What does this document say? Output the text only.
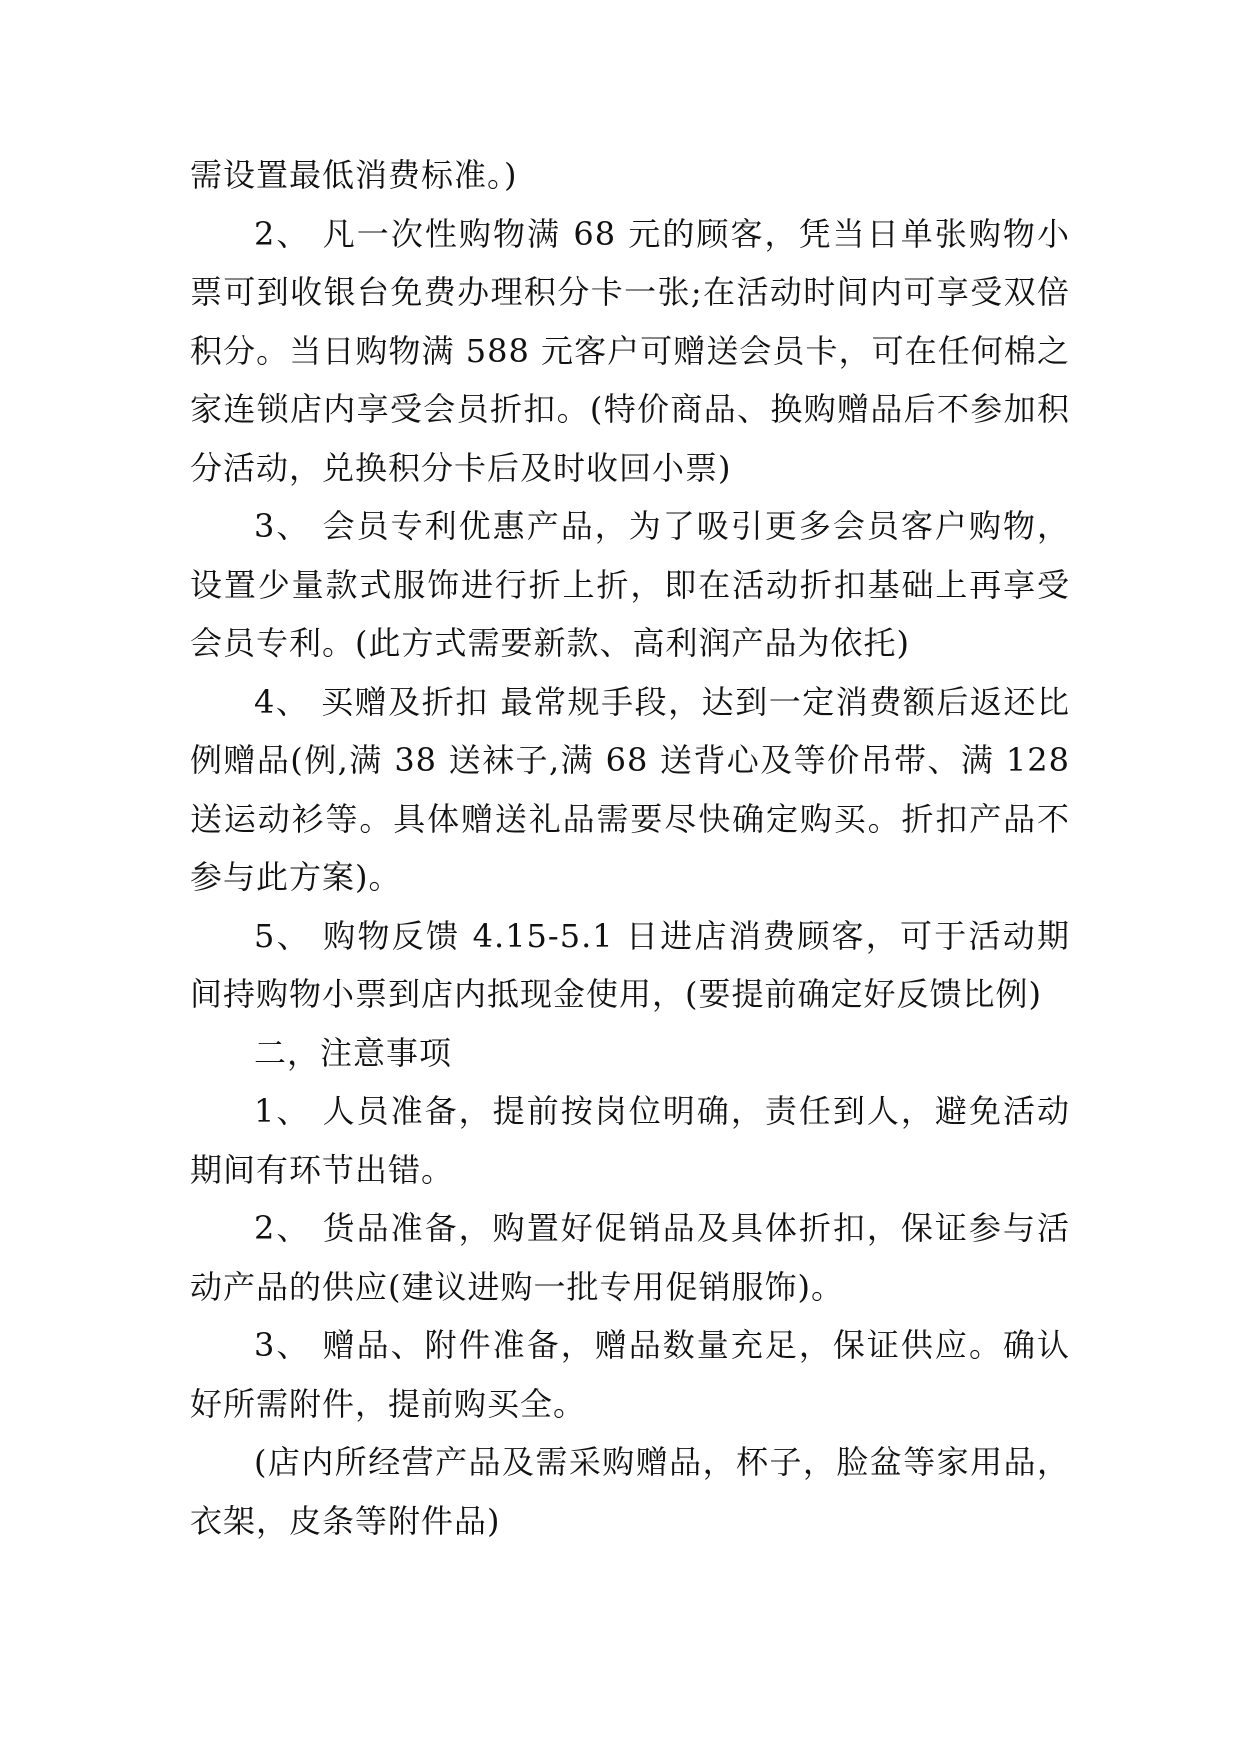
需设置最低消费标准。)

2、 凡一次性购物满 68 元的顾客，凭当日单张购物小票可到收银台免费办理积分卡一张;在活动时间内可享受双倍积分。当日购物满 588 元客户可赠送会员卡，可在任何棉之家连锁店内享受会员折扣。(特价商品、换购赠品后不参加积分活动，兑换积分卡后及时收回小票)

3、 会员专利优惠产品，为了吸引更多会员客户购物，设置少量款式服饰进行折上折，即在活动折扣基础上再享受会员专利。(此方式需要新款、高利润产品为依托)

4、 买赠及折扣 最常规手段，达到一定消费额后返还比例赠品(例,满 38 送袜子,满 68 送背心及等价吊带、满 128 送运动衫等。具体赠送礼品需要尽快确定购买。折扣产品不参与此方案)。

5、 购物反馈 4.15-5.1 日进店消费顾客，可于活动期间持购物小票到店内抵现金使用，(要提前确定好反馈比例)

二，注意事项

1、 人员准备，提前按岗位明确，责任到人，避免活动期间有环节出错。

2、 货品准备，购置好促销品及具体折扣，保证参与活动产品的供应(建议进购一批专用促销服饰)。

3、 赠品、附件准备，赠品数量充足，保证供应。确认好所需附件，提前购买全。

(店内所经营产品及需采购赠品，杯子，脸盆等家用品，衣架，皮条等附件品)
